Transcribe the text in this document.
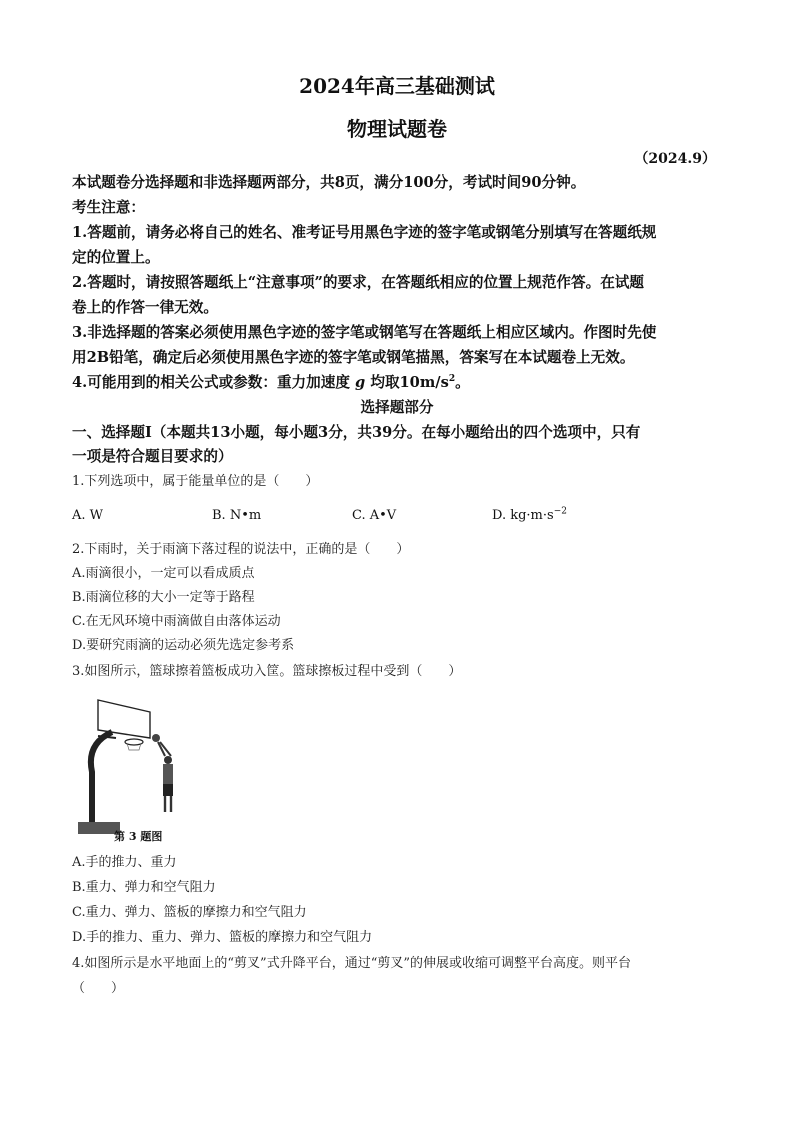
2024年高三基础测试
物理试题卷
（2024.9）
本试题卷分选择题和非选择题两部分，共8页，满分100分，考试时间90分钟。
考生注意：
1.答题前，请务必将自己的姓名、准考证号用黑色字迹的签字笔或钢笔分别填写在答题纸规
定的位置上。
2.答题时，请按照答题纸上“注意事项”的要求，在答题纸相应的位置上规范作答。在试题
卷上的作答一律无效。
3.非选择题的答案必须使用黑色字迹的签字笔或钢笔写在答题纸上相应区域内。作图时先使
用2B铅笔，确定后必须使用黑色字迹的签字笔或钢笔描黑，答案写在本试题卷上无效。
4.可能用到的相关公式或参数：重力加速度 g 均取$10m/s^2$。
选择题部分
一、选择题Ⅰ（本题共13小题，每小题3分，共39分。在每小题给出的四个选项中，只有
一项是符合题目要求的）
1.下列选项中，属于能量单位的是（　　）
A. W	B. N•m	C. A•V	D. $kg\cdot m\cdot s^{-2}$
2.下雨时，关于雨滴下落过程的说法中，正确的是（　　）
A.雨滴很小，一定可以看成质点
B.雨滴位移的大小一定等于路程
C.在无风环境中雨滴做自由落体运动
D.要研究雨滴的运动必须先选定参考系
3.如图所示，篮球擦着篮板成功入筐。篮球擦板过程中受到（　　）
第 3 题图
A.手的推力、重力
B.重力、弹力和空气阻力
C.重力、弹力、篮板的摩擦力和空气阻力
D.手的推力、重力、弹力、篮板的摩擦力和空气阻力
4.如图所示是水平地面上的“剪叉”式升降平台，通过“剪叉”的伸展或收缩可调整平台高度。则平台
（　　）
